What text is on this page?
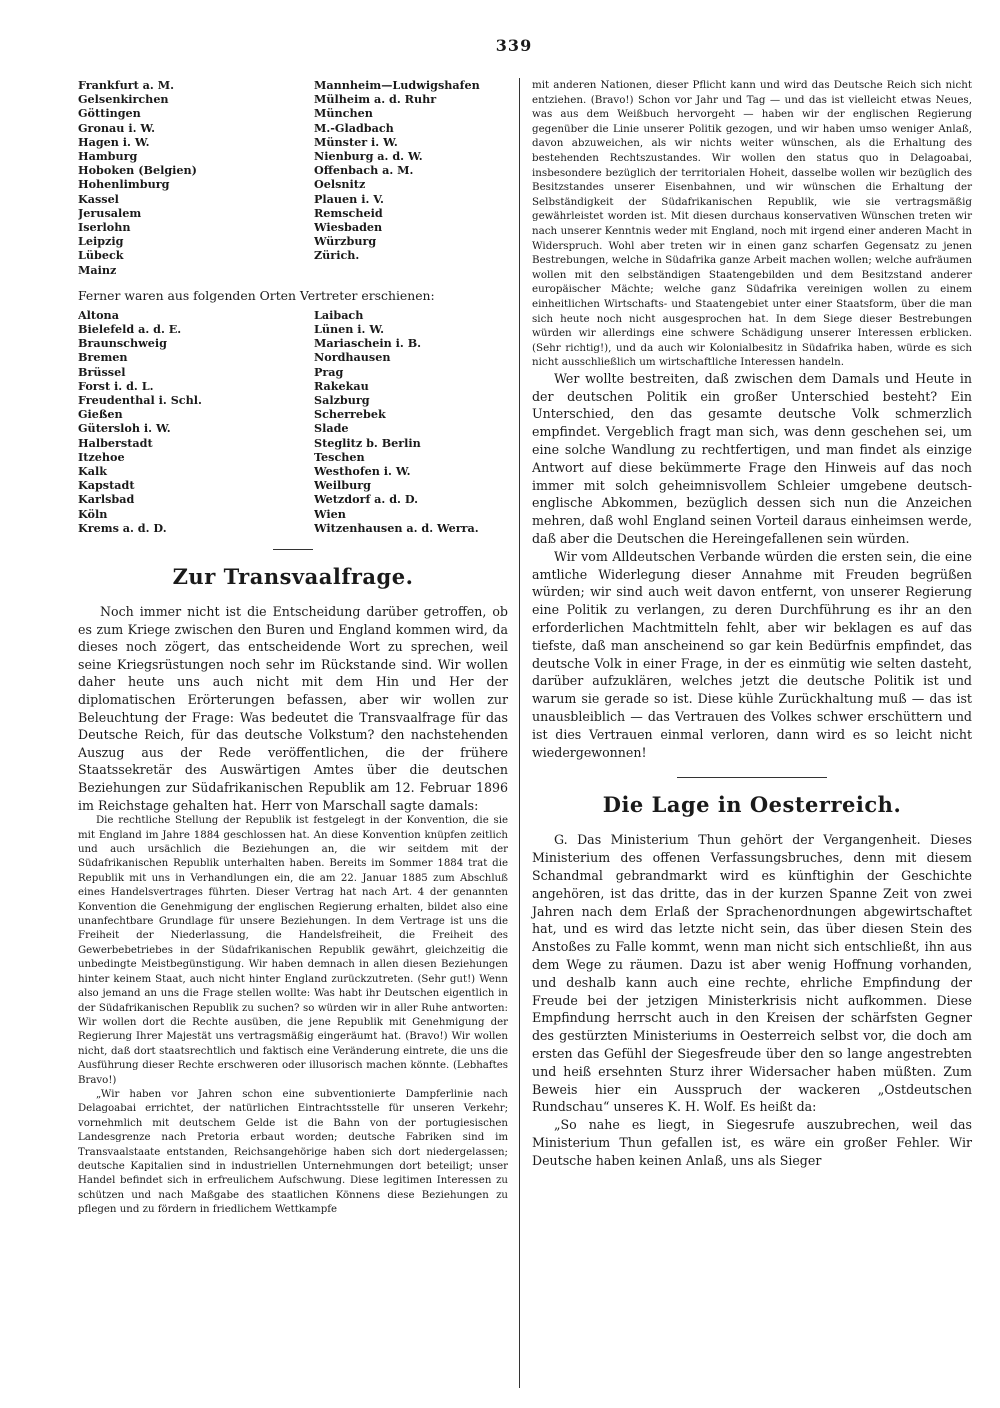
339
Frankfurt a. M.	Mannheim—Ludwigshafen
Gelsenkirchen	Mülheim a. d. Ruhr
Göttingen	München
Gronau i. W.	M.-Gladbach
Hagen i. W.	Münster i. W.
Hamburg	Nienburg a. d. W.
Hoboken (Belgien)	Offenbach a. M.
Hohenlimburg	Oelsnitz
Kassel	Plauen i. V.
Jerusalem	Remscheid
Iserlohn	Wiesbaden
Leipzig	Würzburg
Lübeck	Zürich.
Mainz

Ferner waren aus folgenden Orten Vertreter erschienen:

Altona	Laibach
Bielefeld a. d. E.	Lünen i. W.
Braunschweig	Mariaschein i. B.
Bremen	Nordhausen
Brüssel	Prag
Forst i. d. L.	Rakekau
Freudenthal i. Schl.	Salzburg
Gießen	Scherrebek
Gütersloh i. W.	Slade
Halberstadt	Steglitz b. Berlin
Itzehoe	Teschen
Kalk	Westhofen i. W.
Kapstadt	Weilburg
Karlsbad	Wetzdorf a. d. D.
Köln	Wien
Krems a. d. D.	Witzenhausen a. d. Werra.
Zur Transvaalfrage.

Noch immer nicht ist die Entscheidung darüber getroffen, ob es zum Kriege zwischen den Buren und England kommen wird, da dieses noch zögert, das entscheidende Wort zu sprechen, weil seine Kriegsrüstungen noch sehr im Rückstande sind. Wir wollen daher heute uns auch nicht mit dem Hin und Her der diplomatischen Erörterungen befassen, aber wir wollen zur Beleuchtung der Frage: Was bedeutet die Transvaalfrage für das Deutsche Reich, für das deutsche Volkstum? den nachstehenden Auszug aus der Rede veröffentlichen, die der frühere Staatssekretär des Auswärtigen Amtes über die deutschen Beziehungen zur Südafrikanischen Republik am 12. Februar 1896 im Reichstage gehalten hat. Herr von Marschall sagte damals:

Die rechtliche Stellung der Republik ist festgelegt in der Konvention, die sie mit England im Jahre 1884 geschlossen hat. An diese Konvention knüpfen zeitlich und auch ursächlich die Beziehungen an, die wir seitdem mit der Südafrikanischen Republik unterhalten haben. Bereits im Sommer 1884 trat die Republik mit uns in Verhandlungen ein, die am 22. Januar 1885 zum Abschluß eines Handelsvertrages führten. Dieser Vertrag hat nach Art. 4 der genannten Konvention die Genehmigung der englischen Regierung erhalten, bildet also eine unanfechtbare Grundlage für unsere Beziehungen. In dem Vertrage ist uns die Freiheit der Niederlassung, die Handelsfreiheit, die Freiheit des Gewerbebetriebes in der Südafrikanischen Republik gewährt, gleichzeitig die unbedingte Meistbegünstigung. Wir haben demnach in allen diesen Beziehungen hinter keinem Staat, auch nicht hinter England zurückzutreten. (Sehr gut!) Wenn also jemand an uns die Frage stellen wollte: Was habt ihr Deutschen eigentlich in der Südafrikanischen Republik zu suchen? so würden wir in aller Ruhe antworten: Wir wollen dort die Rechte ausüben, die jene Republik mit Genehmigung der Regierung Ihrer Majestät uns vertragsmäßig eingeräumt hat. (Bravo!) Wir wollen nicht, daß dort staatsrechtlich und faktisch eine Veränderung eintrete, die uns die Ausführung dieser Rechte erschweren oder illusorisch machen könnte. (Lebhaftes Bravo!)

„Wir haben vor Jahren schon eine subventionierte Dampferlinie nach Delagoabai errichtet, der natürlichen Eintrachtsstelle für unseren Verkehr; vornehmlich mit deutschem Gelde ist die Bahn von der portugiesischen Landesgrenze nach Pretoria erbaut worden; deutsche Fabriken sind im Transvaalstaate entstanden, Reichsangehörige haben sich dort niedergelassen; deutsche Kapitalien sind in industriellen Unternehmungen dort beteiligt; unser Handel befindet sich in erfreulichem Aufschwung. Diese legitimen Interessen zu schützen und nach Maßgabe des staatlichen Könnens diese Beziehungen zu pflegen und zu fördern in friedlichem Wettkampfe

mit anderen Nationen, dieser Pflicht kann und wird das Deutsche Reich sich nicht entziehen. (Bravo!) Schon vor Jahr und Tag — und das ist vielleicht etwas Neues, was aus dem Weißbuch hervorgeht — haben wir der englischen Regierung gegenüber die Linie unserer Politik gezogen, und wir haben umso weniger Anlaß, davon abzuweichen, als wir nichts weiter wünschen, als die Erhaltung des bestehenden Rechtszustandes. Wir wollen den status quo in Delagoabai, insbesondere bezüglich der territorialen Hoheit, dasselbe wollen wir bezüglich des Besitzstandes unserer Eisenbahnen, und wir wünschen die Erhaltung der Selbständigkeit der Südafrikanischen Republik, wie sie vertragsmäßig gewährleistet worden ist. Mit diesen durchaus konservativen Wünschen treten wir nach unserer Kenntnis weder mit England, noch mit irgend einer anderen Macht in Widerspruch. Wohl aber treten wir in einen ganz scharfen Gegensatz zu jenen Bestrebungen, welche in Südafrika ganze Arbeit machen wollen; welche aufräumen wollen mit den selbständigen Staatengebilden und dem Besitzstand anderer europäischer Mächte; welche ganz Südafrika vereinigen wollen zu einem einheitlichen Wirtschafts- und Staatengebiet unter einer Staatsform, über die man sich heute noch nicht ausgesprochen hat. In dem Siege dieser Bestrebungen würden wir allerdings eine schwere Schädigung unserer Interessen erblicken. (Sehr richtig!), und da auch wir Kolonialbesitz in Südafrika haben, würde es sich nicht ausschließlich um wirtschaftliche Interessen handeln.

Wer wollte bestreiten, daß zwischen dem Damals und Heute in der deutschen Politik ein großer Unterschied besteht? Ein Unterschied, den das gesamte deutsche Volk schmerzlich empfindet. Vergeblich fragt man sich, was denn geschehen sei, um eine solche Wandlung zu rechtfertigen, und man findet als einzige Antwort auf diese bekümmerte Frage den Hinweis auf das noch immer mit solch geheimnisvollem Schleier umgebene deutsch-englische Abkommen, bezüglich dessen sich nun die Anzeichen mehren, daß wohl England seinen Vorteil daraus einheimsen werde, daß aber die Deutschen die Hereingefallenen sein würden.

Wir vom Alldeutschen Verbande würden die ersten sein, die eine amtliche Widerlegung dieser Annahme mit Freuden begrüßen würden; wir sind auch weit davon entfernt, von unserer Regierung eine Politik zu verlangen, zu deren Durchführung es ihr an den erforderlichen Machtmitteln fehlt, aber wir beklagen es auf das tiefste, daß man anscheinend so gar kein Bedürfnis empfindet, das deutsche Volk in einer Frage, in der es einmütig wie selten dasteht, darüber aufzuklären, welches jetzt die deutsche Politik ist und warum sie gerade so ist. Diese kühle Zurückhaltung muß — das ist unausbleiblich — das Vertrauen des Volkes schwer erschüttern und ist dies Vertrauen einmal verloren, dann wird es so leicht nicht wiedergewonnen!

Die Lage in Oesterreich.

G. Das Ministerium Thun gehört der Vergangenheit. Dieses Ministerium des offenen Verfassungsbruches, denn mit diesem Schandmal gebrandmarkt wird es künftighin der Geschichte angehören, ist das dritte, das in der kurzen Spanne Zeit von zwei Jahren nach dem Erlaß der Sprachenordnungen abgewirtschaftet hat, und es wird das letzte nicht sein, das über diesen Stein des Anstoßes zu Falle kommt, wenn man nicht sich entschließt, ihn aus dem Wege zu räumen. Dazu ist aber wenig Hoffnung vorhanden, und deshalb kann auch eine rechte, ehrliche Empfindung der Freude bei der jetzigen Ministerkrisis nicht aufkommen. Diese Empfindung herrscht auch in den Kreisen der schärfsten Gegner des gestürzten Ministeriums in Oesterreich selbst vor, die doch am ersten das Gefühl der Siegesfreude über den so lange angestrebten und heiß ersehnten Sturz ihrer Widersacher haben müßten. Zum Beweis hier ein Ausspruch der wackeren „Ostdeutschen Rundschau“ unseres K. H. Wolf. Es heißt da:

„So nahe es liegt, in Siegesrufe auszubrechen, weil das Ministerium Thun gefallen ist, es wäre ein großer Fehler. Wir Deutsche haben keinen Anlaß, uns als Sieger
